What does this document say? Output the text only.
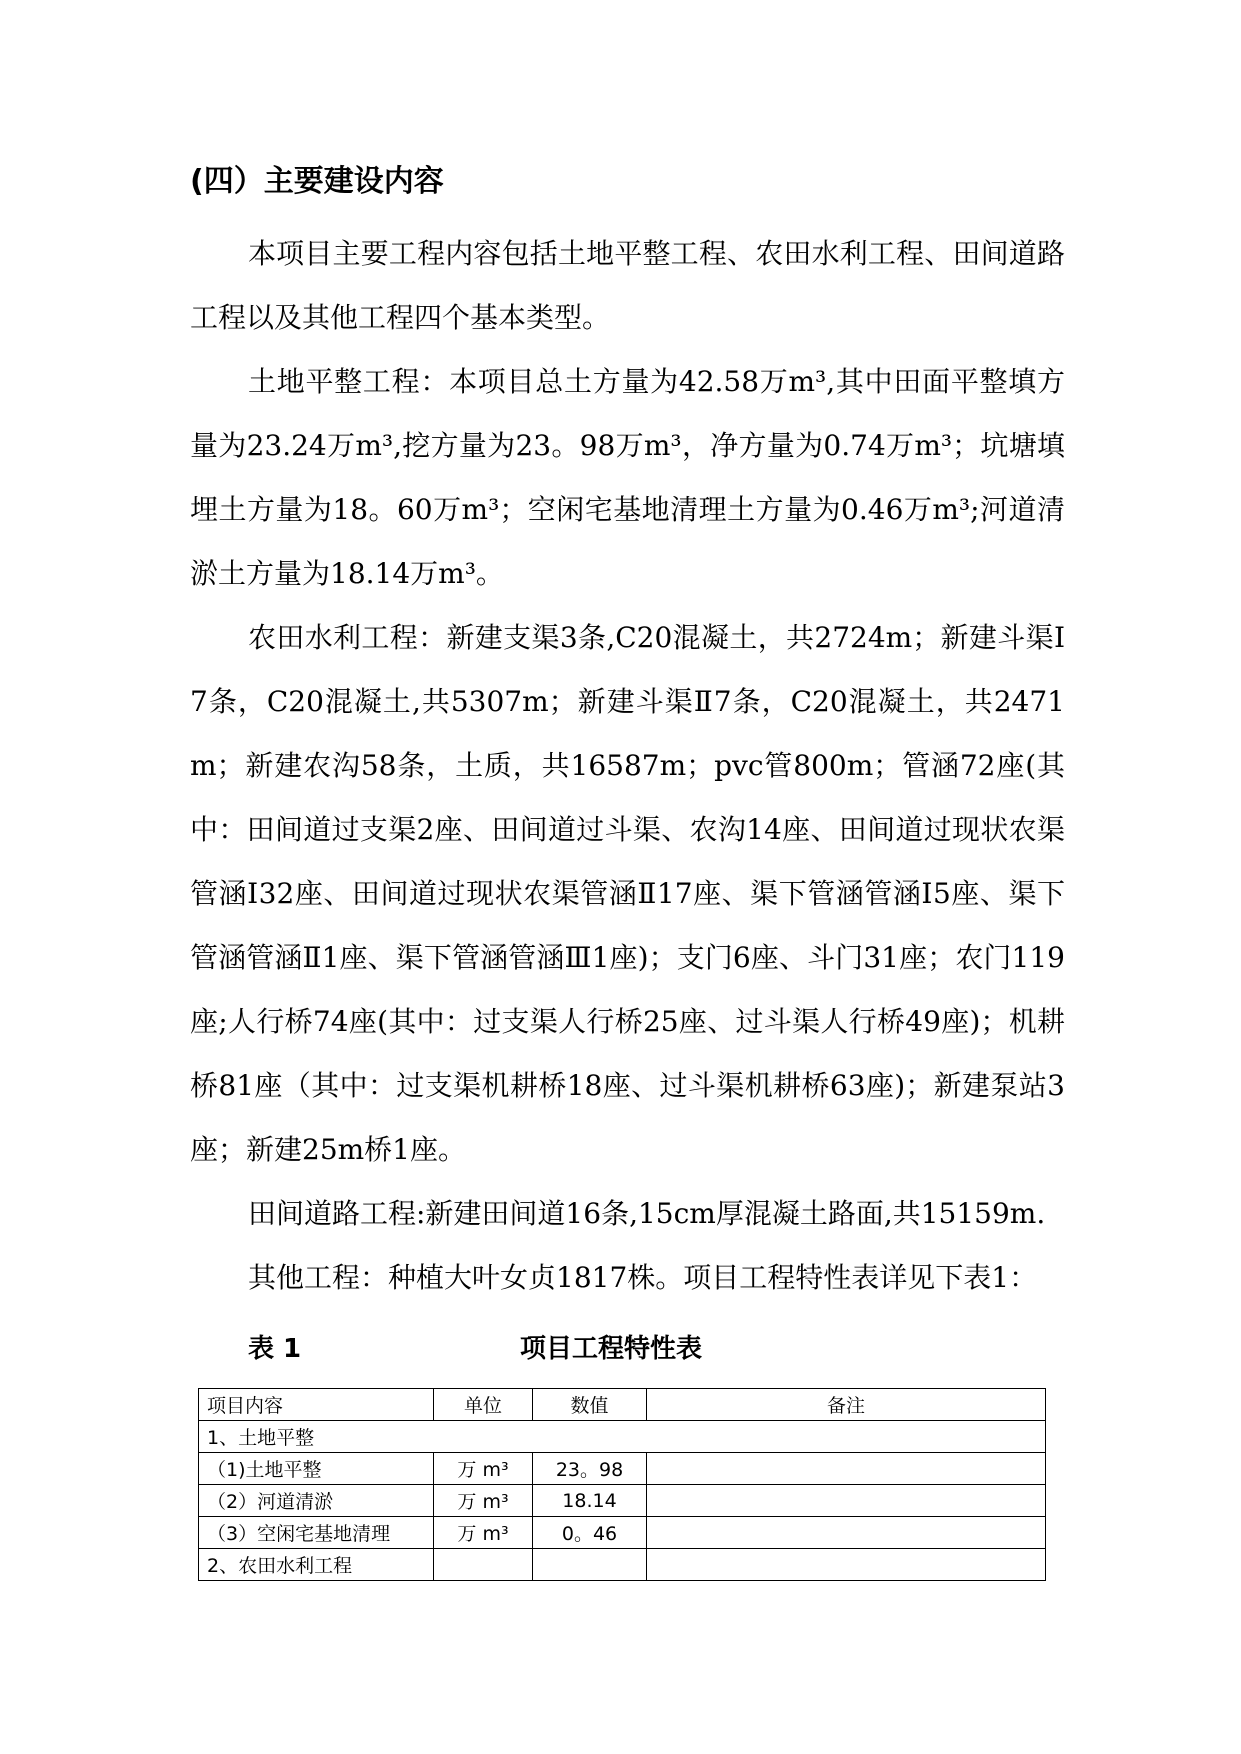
(四）主要建设内容

本项目主要工程内容包括土地平整工程、农田水利工程、田间道路工程以及其他工程四个基本类型。

土地平整工程：本项目总土方量为42.58万m³,其中田面平整填方量为23.24万m³,挖方量为23。98万m³，净方量为0.74万m³；坑塘填埋土方量为18。60万m³；空闲宅基地清理土方量为0.46万m³;河道清淤土方量为18.14万m³。

农田水利工程：新建支渠3条,C20混凝土，共2724m；新建斗渠Ⅰ7条，C20混凝土,共5307m；新建斗渠Ⅱ7条，C20混凝土，共2471m；新建农沟58条，土质，共16587m；pvc管800m；管涵72座(其中：田间道过支渠2座、田间道过斗渠、农沟14座、田间道过现状农渠管涵Ⅰ32座、田间道过现状农渠管涵Ⅱ17座、渠下管涵管涵Ⅰ5座、渠下管涵管涵Ⅱ1座、渠下管涵管涵Ⅲ1座)；支门6座、斗门31座；农门119座;人行桥74座(其中：过支渠人行桥25座、过斗渠人行桥49座)；机耕桥81座（其中：过支渠机耕桥18座、过斗渠机耕桥63座)；新建泵站3座；新建25m桥1座。

田间道路工程:新建田间道16条,15cm厚混凝土路面,共15159m.

其他工程：种植大叶女贞1817株。项目工程特性表详见下表1：

表 1	项目工程特性表
项目内容	单位	数值	备注
1、土地平整			
（1)土地平整	万 m³	23。98	
（2）河道清淤	万 m³	18.14	
（3）空闲宅基地清理	万 m³	0。46	
2、农田水利工程			
